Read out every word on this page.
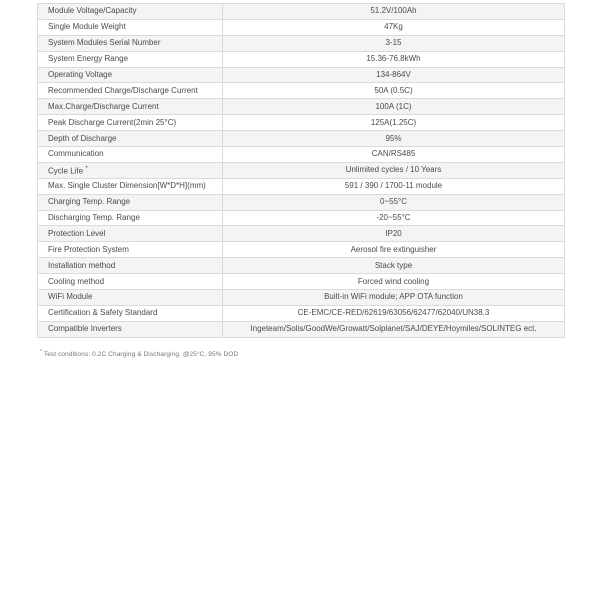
Module Voltage/Capacity	51.2V/100Ah
Single Module Weight	47Kg
System Modules Serial Number	3-15
System Energy Range	15.36-76.8kWh
Operating Voltage	134-864V
Recommended Charge/Discharge Current	50A (0.5C)
Max.Charge/Discharge Current	100A (1C)
Peak Discharge Current(2min 25°C)	125A(1.25C)
Depth of Discharge	95%
Communication	CAN/RS485
Cycle Life *	Unlimited cycles / 10 Years
Max. Single Cluster Dimension[W*D*H](mm)	591 / 390 / 1700-11 module
Charging Temp. Range	0~55°C
Discharging Temp. Range	-20~55°C
Protection Level	IP20
Fire Protection System	Aerosol fire extinguisher
Installation method	Stack type
Cooling method	Forced wind cooling
WiFi Module	Built-in WiFi module; APP OTA function
Certification & Safety Standard	CE-EMC/CE-RED/62619/63056/62477/62040/UN38.3
Compatible Inverters	Ingeteam/Solis/GoodWe/Growatt/Solplanet/SAJ/DEYE/Hoymiles/SOLINTEG ect.
* Test conditions: 0.2C Charging & Discharging. @25°C, 95% DOD
